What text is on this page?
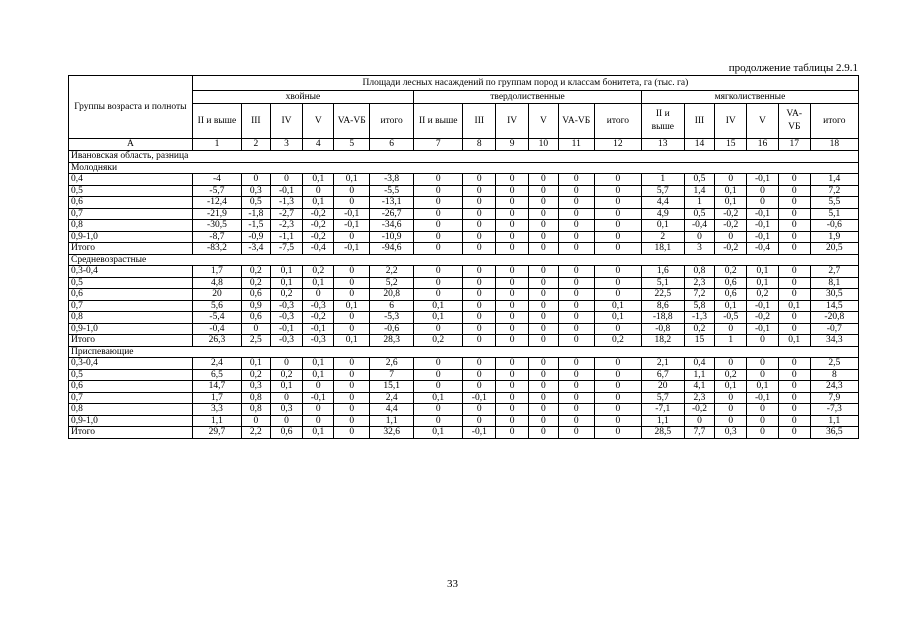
продолжение таблицы 2.9.1
Группы возраста и полноты	Площади лесных насаждений по группам пород и классам бонитета, га (тыс. га)																	
	хвойные						твердолиственные						мягколиственные					
	II и выше	III	IV	V	VA-VБ	итого	II и выше	III	IV	V	VA-VБ	итого	II и выше	III	IV	V	VA-VБ	итого
А	1	2	3	4	5	6	7	8	9	10	11	12	13	14	15	16	17	18
Ивановская область, разница																		
Молодняки																		
0,4	-4	0	0	0,1	0,1	-3,8	0	0	0	0	0	0	1	0,5	0	-0,1	0	1,4
0,5	-5,7	0,3	-0,1	0	0	-5,5	0	0	0	0	0	0	5,7	1,4	0,1	0	0	7,2
0,6	-12,4	0,5	-1,3	0,1	0	-13,1	0	0	0	0	0	0	4,4	1	0,1	0	0	5,5
0,7	-21,9	-1,8	-2,7	-0,2	-0,1	-26,7	0	0	0	0	0	0	4,9	0,5	-0,2	-0,1	0	5,1
0,8	-30,5	-1,5	-2,3	-0,2	-0,1	-34,6	0	0	0	0	0	0	0,1	-0,4	-0,2	-0,1	0	-0,6
0,9-1,0	-8,7	-0,9	-1,1	-0,2	0	-10,9	0	0	0	0	0	0	2	0	0	-0,1	0	1,9
Итого	-83,2	-3,4	-7,5	-0,4	-0,1	-94,6	0	0	0	0	0	0	18,1	3	-0,2	-0,4	0	20,5
Средневозрастные																		
0,3-0,4	1,7	0,2	0,1	0,2	0	2,2	0	0	0	0	0	0	1,6	0,8	0,2	0,1	0	2,7
0,5	4,8	0,2	0,1	0,1	0	5,2	0	0	0	0	0	0	5,1	2,3	0,6	0,1	0	8,1
0,6	20	0,6	0,2	0	0	20,8	0	0	0	0	0	0	22,5	7,2	0,6	0,2	0	30,5
0,7	5,6	0,9	-0,3	-0,3	0,1	6	0,1	0	0	0	0	0,1	8,6	5,8	0,1	-0,1	0,1	14,5
0,8	-5,4	0,6	-0,3	-0,2	0	-5,3	0,1	0	0	0	0	0,1	-18,8	-1,3	-0,5	-0,2	0	-20,8
0,9-1,0	-0,4	0	-0,1	-0,1	0	-0,6	0	0	0	0	0	0	-0,8	0,2	0	-0,1	0	-0,7
Итого	26,3	2,5	-0,3	-0,3	0,1	28,3	0,2	0	0	0	0	0,2	18,2	15	1	0	0,1	34,3
Приспевающие																		
0,3-0,4	2,4	0,1	0	0,1	0	2,6	0	0	0	0	0	0	2,1	0,4	0	0	0	2,5
0,5	6,5	0,2	0,2	0,1	0	7	0	0	0	0	0	0	6,7	1,1	0,2	0	0	8
0,6	14,7	0,3	0,1	0	0	15,1	0	0	0	0	0	0	20	4,1	0,1	0,1	0	24,3
0,7	1,7	0,8	0	-0,1	0	2,4	0,1	-0,1	0	0	0	0	5,7	2,3	0	-0,1	0	7,9
0,8	3,3	0,8	0,3	0	0	4,4	0	0	0	0	0	0	-7,1	-0,2	0	0	0	-7,3
0,9-1,0	1,1	0	0	0	0	1,1	0	0	0	0	0	0	1,1	0	0	0	0	1,1
Итого	29,7	2,2	0,6	0,1	0	32,6	0,1	-0,1	0	0	0	0	28,5	7,7	0,3	0	0	36,5
33
